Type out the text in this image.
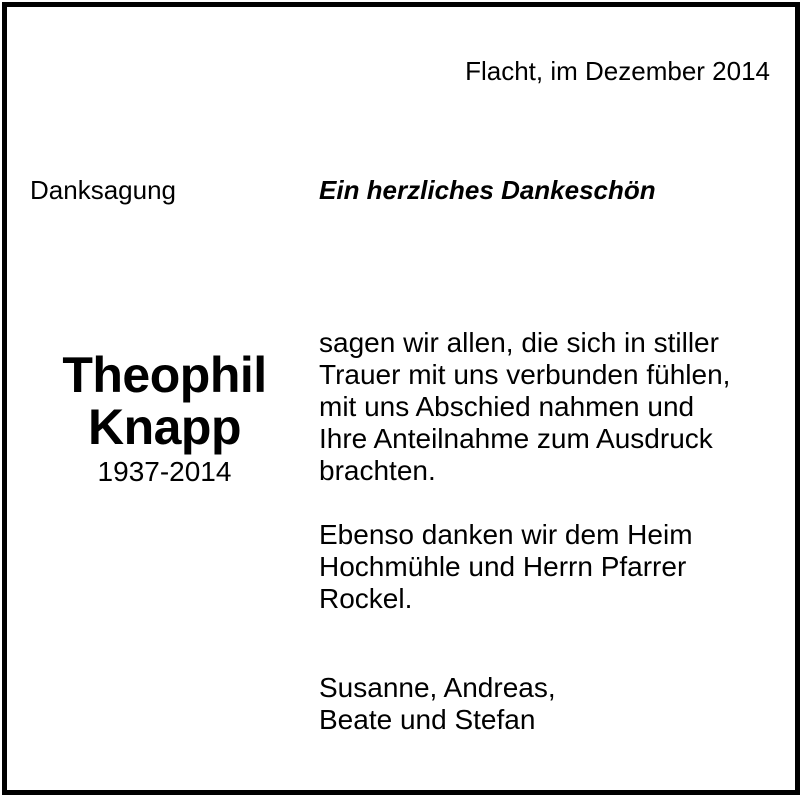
Flacht, im Dezember 2014
Danksagung	Ein herzliches Dankeschön
Theophil
Knapp
1937-2014
sagen wir allen, die sich in stiller
Trauer mit uns verbunden fühlen,
mit uns Abschied nahmen und
Ihre Anteilnahme zum Ausdruck
brachten.
Ebenso danken wir dem Heim
Hochmühle und Herrn Pfarrer
Rockel.
Susanne, Andreas,
Beate und Stefan
